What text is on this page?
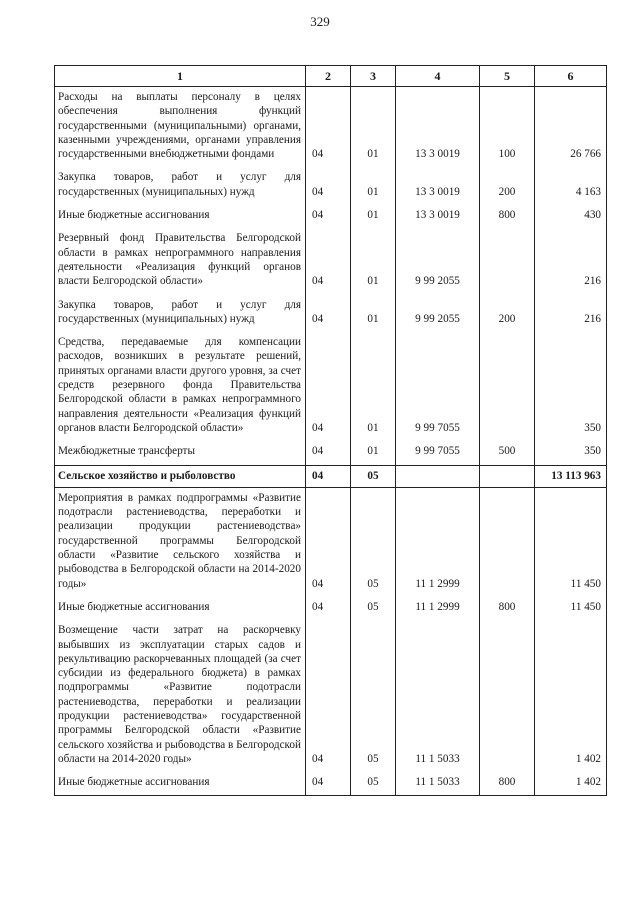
329
1	2	3	4	5	6
Расходы на выплаты персоналу в целях обеспечения выполнения функций государственными (муниципальными) органами, казенными учреждениями, органами управления государственными внебюджетными фондами	04	01	13 3 0019	100	26 766
Закупка товаров, работ и услуг для государственных (муниципальных) нужд	04	01	13 3 0019	200	4 163
Иные бюджетные ассигнования	04	01	13 3 0019	800	430
Резервный фонд Правительства Белгородской области в рамках непрограммного направления деятельности «Реализация функций органов власти Белгородской области»	04	01	9 99 2055		216
Закупка товаров, работ и услуг для государственных (муниципальных) нужд	04	01	9 99 2055	200	216
Средства, передаваемые для компенсации расходов, возникших в результате решений, принятых органами власти другого уровня, за счет средств резервного фонда Правительства Белгородской области в рамках непрограммного направления деятельности «Реализация функций органов власти Белгородской области»	04	01	9 99 7055		350
Межбюджетные трансферты	04	01	9 99 7055	500	350
Сельское хозяйство и рыболовство	04	05			13 113 963
Мероприятия в рамках подпрограммы «Развитие подотрасли растениеводства, переработки и реализации продукции растениеводства» государственной программы Белгородской области «Развитие сельского хозяйства и рыбоводства в Белгородской области на 2014-2020 годы»	04	05	11 1 2999		11 450
Иные бюджетные ассигнования	04	05	11 1 2999	800	11 450
Возмещение части затрат на раскорчевку выбывших из эксплуатации старых садов и рекультивацию раскорчеванных площадей (за счет субсидии из федерального бюджета) в рамках подпрограммы «Развитие подотрасли растениеводства, переработки и реализации продукции растениеводства» государственной программы Белгородской области «Развитие сельского хозяйства и рыбоводства в Белгородской области на 2014-2020 годы»	04	05	11 1 5033		1 402
Иные бюджетные ассигнования	04	05	11 1 5033	800	1 402
